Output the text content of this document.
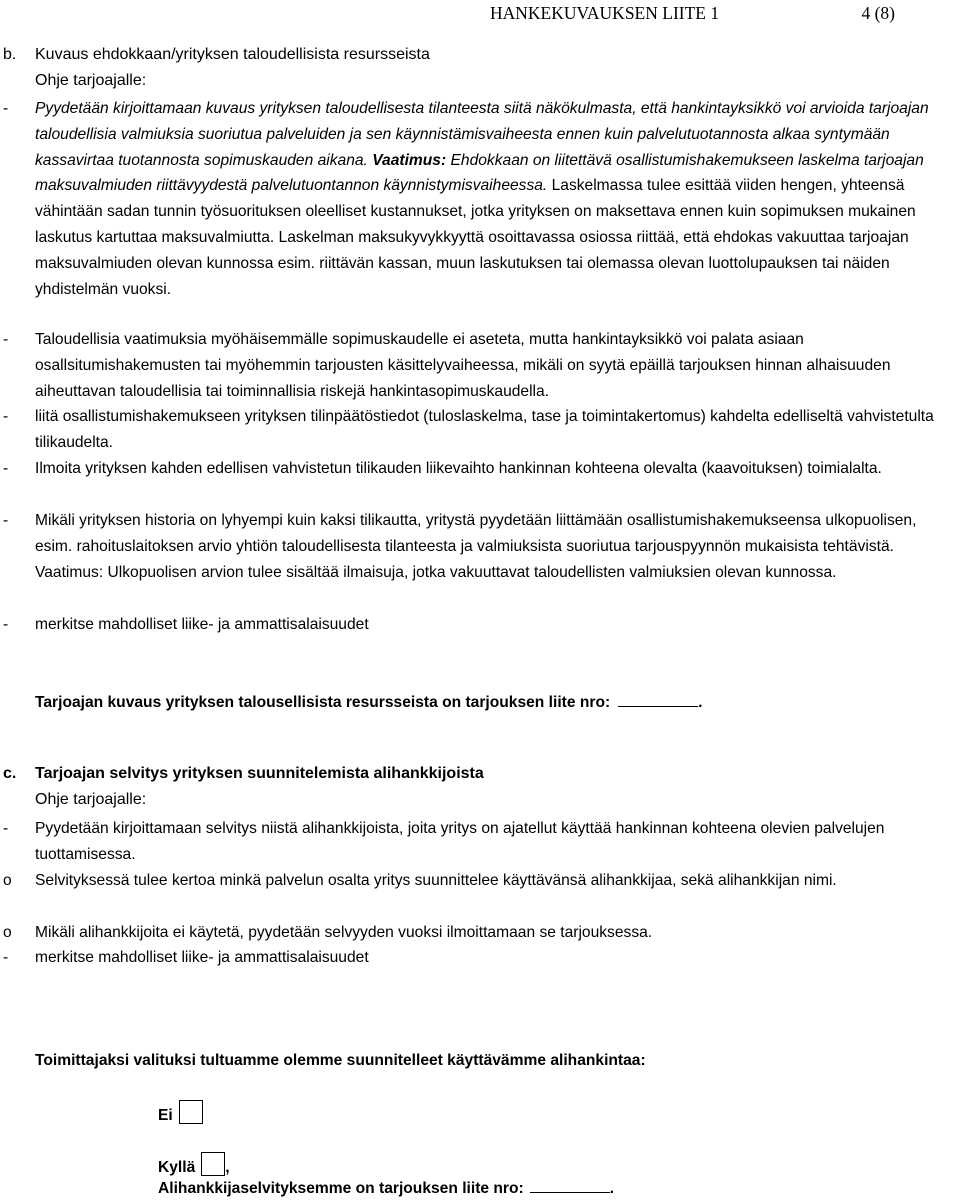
HANKEKUVAUKSEN LIITE 1	4 (8)
b. Kuvaus ehdokkaan/yrityksen taloudellisista resursseista
Ohje tarjoajalle:
- Pyydetään kirjoittamaan kuvaus yrityksen taloudellisesta tilanteesta siitä näkökulmasta, että hankintayksikkö voi arvioida tarjoajan taloudellisia valmiuksia suoriutua palveluiden ja sen käynnistämisvaiheesta ennen kuin palvelutuotannosta alkaa syntymään kassavirtaa tuotannosta sopimuskauden aikana. Vaatimus: Ehdokkaan on liitettävä osallistumishakemukseen laskelma tarjoajan maksuvalmiuden riittävyydestä palvelutuontannon käynnistymisvaiheessa. Laskelmassa tulee esittää viiden hengen, yhteensä vähintään sadan tunnin työsuorituksen oleelliset kustannukset, jotka yrityksen on maksettava ennen kuin sopimuksen mukainen laskutus kartuttaa maksuvalmiutta. Laskelman maksukyvykkyyttä osoittavassa osiossa riittää, että ehdokas vakuuttaa tarjoajan maksuvalmiuden olevan kunnossa esim. riittävän kassan, muun laskutuksen tai olemassa olevan luottolupauksen tai näiden yhdistelmän vuoksi.
- Taloudellisia vaatimuksia myöhäisemmälle sopimuskaudelle ei aseteta, mutta hankintayksikkö voi palata asiaan osallsitumishakemusten tai myöhemmin tarjousten käsittelyvaiheessa, mikäli on syytä epäillä tarjouksen hinnan alhaisuuden aiheuttavan taloudellisia tai toiminnallisia riskejä hankintasopimuskaudella.
- liitä osallistumishakemukseen yrityksen tilinpäätöstiedot (tuloslaskelma, tase ja toimintakertomus) kahdelta edelliseltä vahvistetulta tilikaudelta.
- Ilmoita yrityksen kahden edellisen vahvistetun tilikauden liikevaihto hankinnan kohteena olevalta (kaavoituksen) toimialalta.
- Mikäli yrityksen historia on lyhyempi kuin kaksi tilikautta, yritystä pyydetään liittämään osallistumishakemukseensa ulkopuolisen, esim. rahoituslaitoksen arvio yhtiön taloudellisesta tilanteesta ja valmiuksista suoriutua tarjouspyynnön mukaisista tehtävistä. Vaatimus: Ulkopuolisen arvion tulee sisältää ilmaisuja, jotka vakuuttavat taloudellisten valmiuksien olevan kunnossa.
- merkitse mahdolliset liike- ja ammattisalaisuudet
Tarjoajan kuvaus yrityksen talousellisista resursseista on tarjouksen liite nro:	.
c. Tarjoajan selvitys yrityksen suunnitelemista alihankkijoista
Ohje tarjoajalle:
- Pyydetään kirjoittamaan selvitys niistä alihankkijoista, joita yritys on ajatellut käyttää hankinnan kohteena olevien palvelujen tuottamisessa.
o Selvityksessä tulee kertoa minkä palvelun osalta yritys suunnittelee käyttävänsä alihankkijaa, sekä alihankkijan nimi.
o Mikäli alihankkijoita ei käytetä, pyydetään selvyyden vuoksi ilmoittamaan se tarjouksessa.
- merkitse mahdolliset liike- ja ammattisalaisuudet
Toimittajaksi valituksi tultuamme olemme suunnitelleet käyttävämme alihankintaa:
Ei
Kyllä ,
Alihankkijaselvityksemme on tarjouksen liite nro:	.
